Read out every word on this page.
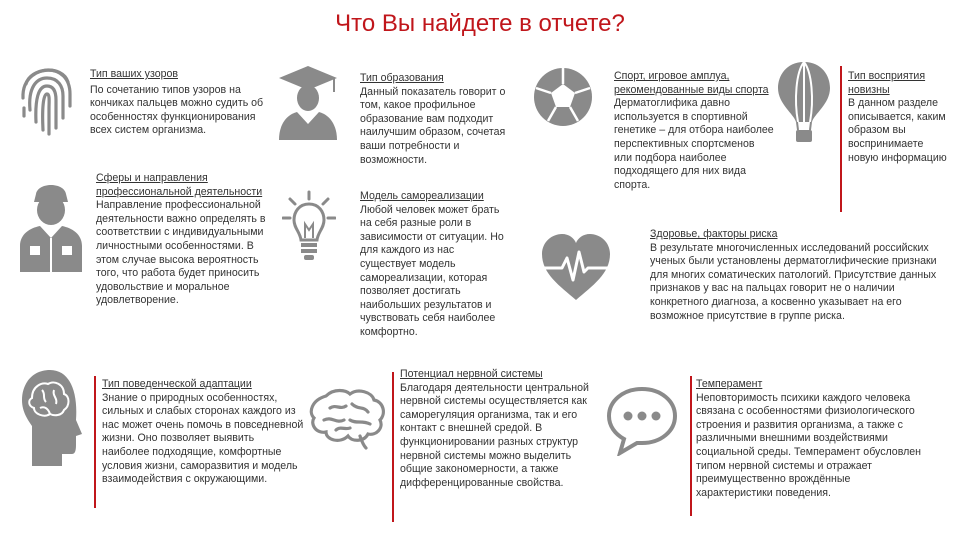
Что Вы найдете в отчете?

Тип ваших узоров

По сочетанию типов узоров на кончиках пальцев можно судить об особенностях функционирования всех систем организма.

Тип образования

Данный показатель говорит о том, какое профильное образование вам подходит наилучшим образом, сочетая ваши потребности и возможности.

Спорт, игровое амплуа, рекомендованные виды спорта

Дерматоглифика давно используется в спортивной генетике – для отбора наиболее перспективных спортсменов или подбора наиболее подходящего для них вида спорта.

Тип восприятия новизны

В данном разделе описывается, каким образом вы воспринимаете новую информацию

Сферы и направления профессиональной деятельности

Направление профессиональной деятельности важно определять в соответствии с индивидуальными личностными особенностями. В этом случае высока вероятность того, что работа будет приносить удовольствие и моральное удовлетворение.

Модель самореализации

Любой человек может брать на себя разные роли в зависимости от ситуации. Но для каждого из нас существует модель самореализации, которая позволяет достигать наибольших результатов и чувствовать себя наиболее комфортно.

Здоровье, факторы риска

В результате многочисленных исследований российских ученых были установлены дерматоглифические признаки для многих соматических патологий. Присутствие данных признаков у вас на пальцах говорит не о наличии конкретного диагноза, а косвенно указывает на его возможное присутствие в группе риска.

Тип поведенческой адаптации

Знание о природных особенностях, сильных и слабых сторонах каждого из нас может очень помочь в повседневной жизни. Оно позволяет выявить наиболее подходящие, комфортные условия жизни, саморазвития и модель взаимодействия с окружающими.

Потенциал нервной системы

Благодаря деятельности центральной нервной системы осуществляется как саморегуляция организма, так и его контакт с внешней средой. В функционировании разных структур нервной системы можно выделить общие закономерности, а также дифференцированные свойства.

Темперамент

Неповторимость психики каждого человека связана с особенностями физиологического строения и развития организма, а также с различными внешними воздействиями социальной среды. Темперамент обусловлен типом нервной системы и отражает преимущественно врождённые характеристики поведения.
